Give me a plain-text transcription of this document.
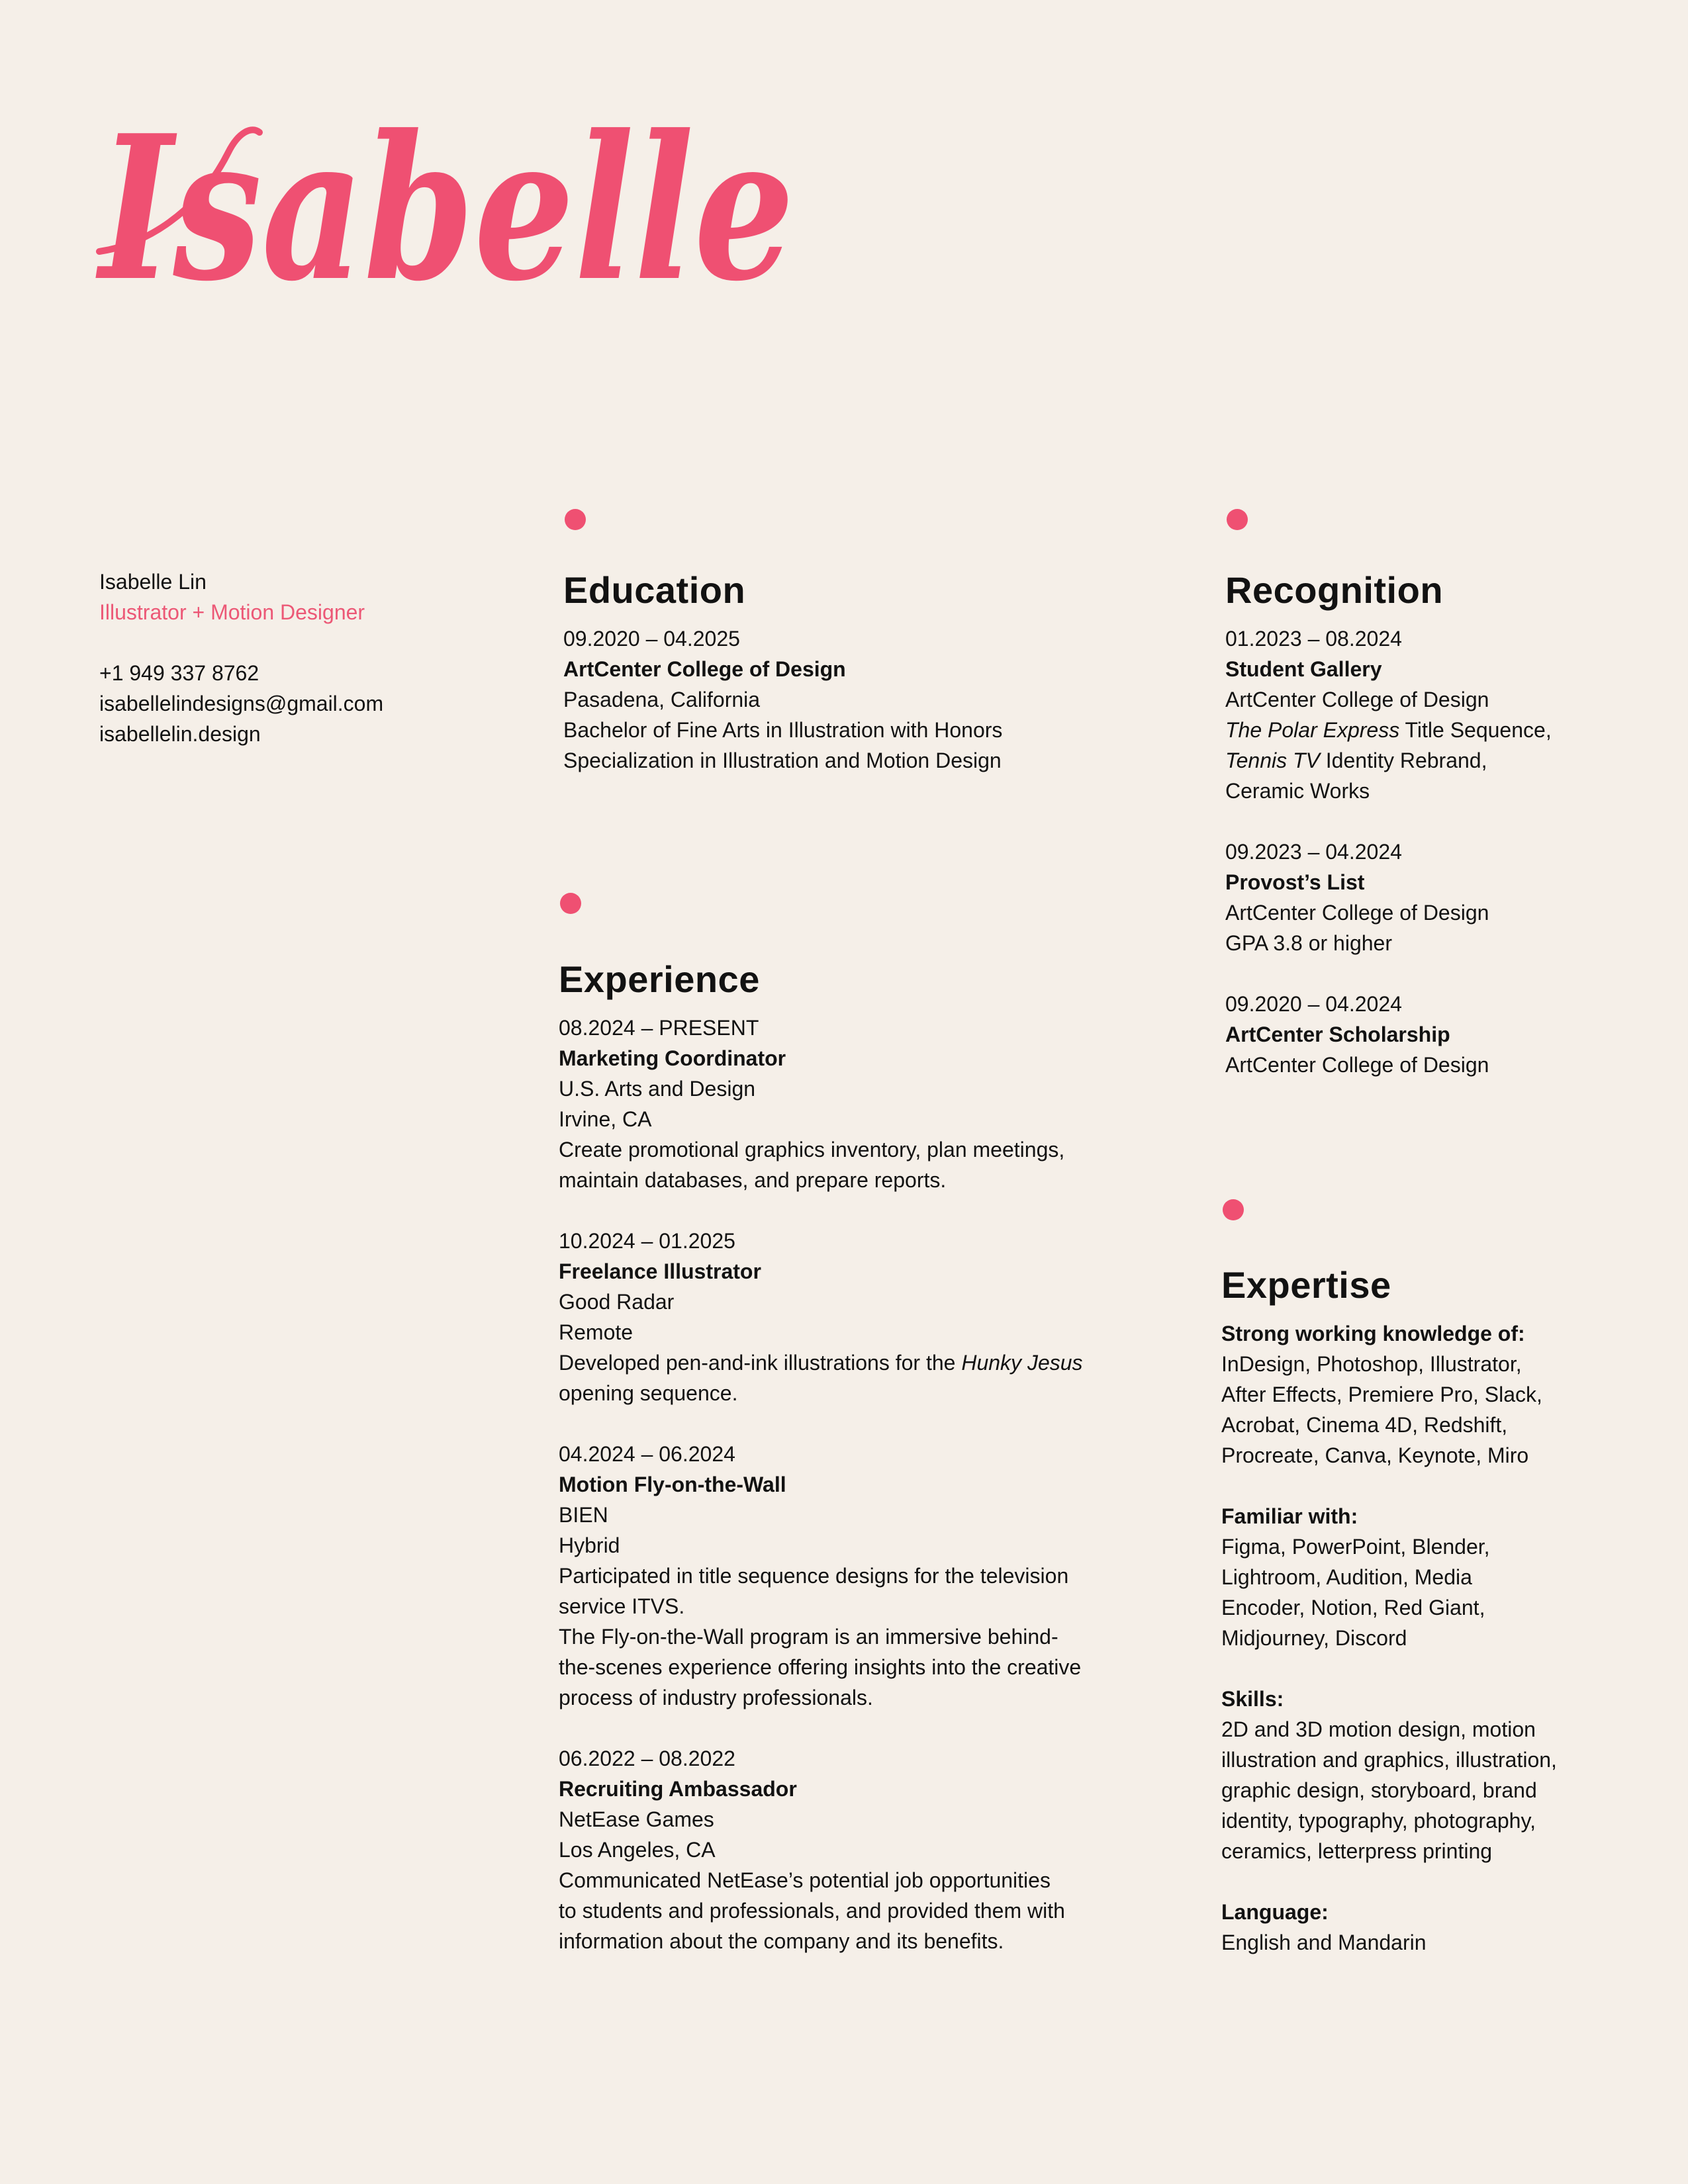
Isabelle
Isabelle Lin
Illustrator + Motion Designer
+1 949 337 8762
isabellelindesigns@gmail.com
isabellelin.design
Education
09.2020 – 04.2025
ArtCenter College of Design
Pasadena, California
Bachelor of Fine Arts in Illustration with Honors
Specialization in Illustration and Motion Design
Experience
08.2024 – PRESENT
Marketing Coordinator
U.S. Arts and Design
Irvine, CA
Create promotional graphics inventory, plan meetings,
maintain databases, and prepare reports.
10.2024 – 01.2025
Freelance Illustrator
Good Radar
Remote
Developed pen-and-ink illustrations for the Hunky Jesus
opening sequence.
04.2024 – 06.2024
Motion Fly-on-the-Wall
BIEN
Hybrid
Participated in title sequence designs for the television
service ITVS.
The Fly-on-the-Wall program is an immersive behind-
the-scenes experience offering insights into the creative
process of industry professionals.
06.2022 – 08.2022
Recruiting Ambassador
NetEase Games
Los Angeles, CA
Communicated NetEase’s potential job opportunities
to students and professionals, and provided them with
information about the company and its benefits.
Recognition
01.2023 – 08.2024
Student Gallery
ArtCenter College of Design
The Polar Express Title Sequence,
Tennis TV Identity Rebrand,
Ceramic Works
09.2023 – 04.2024
Provost’s List
ArtCenter College of Design
GPA 3.8 or higher
09.2020 – 04.2024
ArtCenter Scholarship
ArtCenter College of Design
Expertise
Strong working knowledge of:
InDesign, Photoshop, Illustrator,
After Effects, Premiere Pro, Slack,
Acrobat, Cinema 4D, Redshift,
Procreate, Canva, Keynote, Miro
Familiar with:
Figma, PowerPoint, Blender,
Lightroom, Audition, Media
Encoder, Notion, Red Giant,
Midjourney, Discord
Skills:
2D and 3D motion design, motion
illustration and graphics, illustration,
graphic design, storyboard, brand
identity, typography, photography,
ceramics, letterpress printing
Language:
English and Mandarin
